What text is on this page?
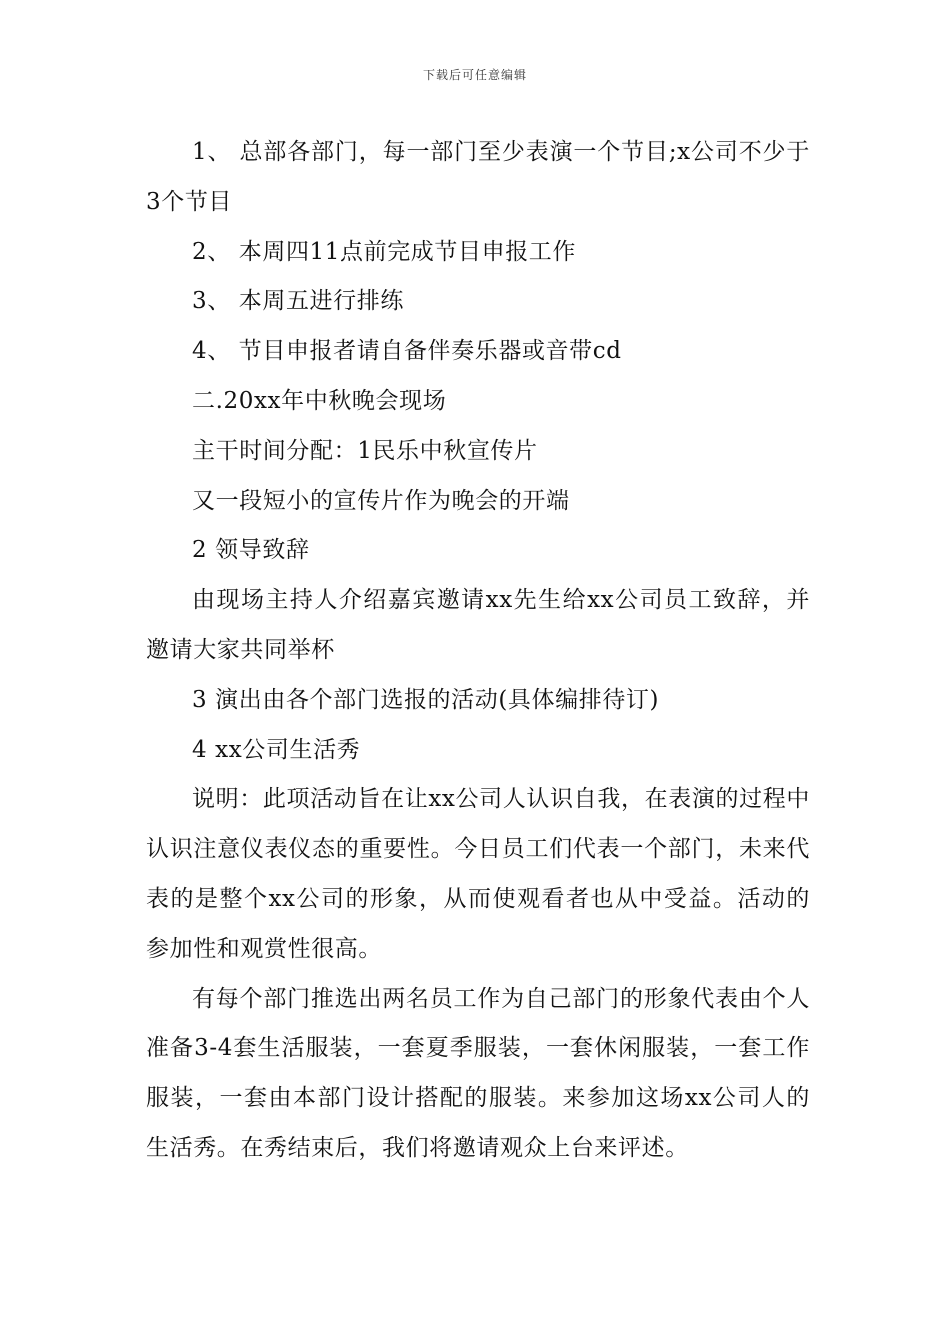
下载后可任意编辑

1、 总部各部门，每一部门至少表演一个节目;x公司不少于3个节目

2、 本周四11点前完成节目申报工作

3、 本周五进行排练

4、 节目申报者请自备伴奏乐器或音带cd

二.20xx年中秋晚会现场

主干时间分配：1民乐中秋宣传片

又一段短小的宣传片作为晚会的开端

2 领导致辞

由现场主持人介绍嘉宾邀请xx先生给xx公司员工致辞，并邀请大家共同举杯

3 演出由各个部门选报的活动(具体编排待订)

4 xx公司生活秀

说明：此项活动旨在让xx公司人认识自我，在表演的过程中认识注意仪表仪态的重要性。今日员工们代表一个部门，未来代表的是整个xx公司的形象，从而使观看者也从中受益。活动的参加性和观赏性很高。

有每个部门推选出两名员工作为自己部门的形象代表由个人准备3-4套生活服装，一套夏季服装，一套休闲服装，一套工作服装，一套由本部门设计搭配的服装。来参加这场xx公司人的生活秀。在秀结束后，我们将邀请观众上台来评述。
